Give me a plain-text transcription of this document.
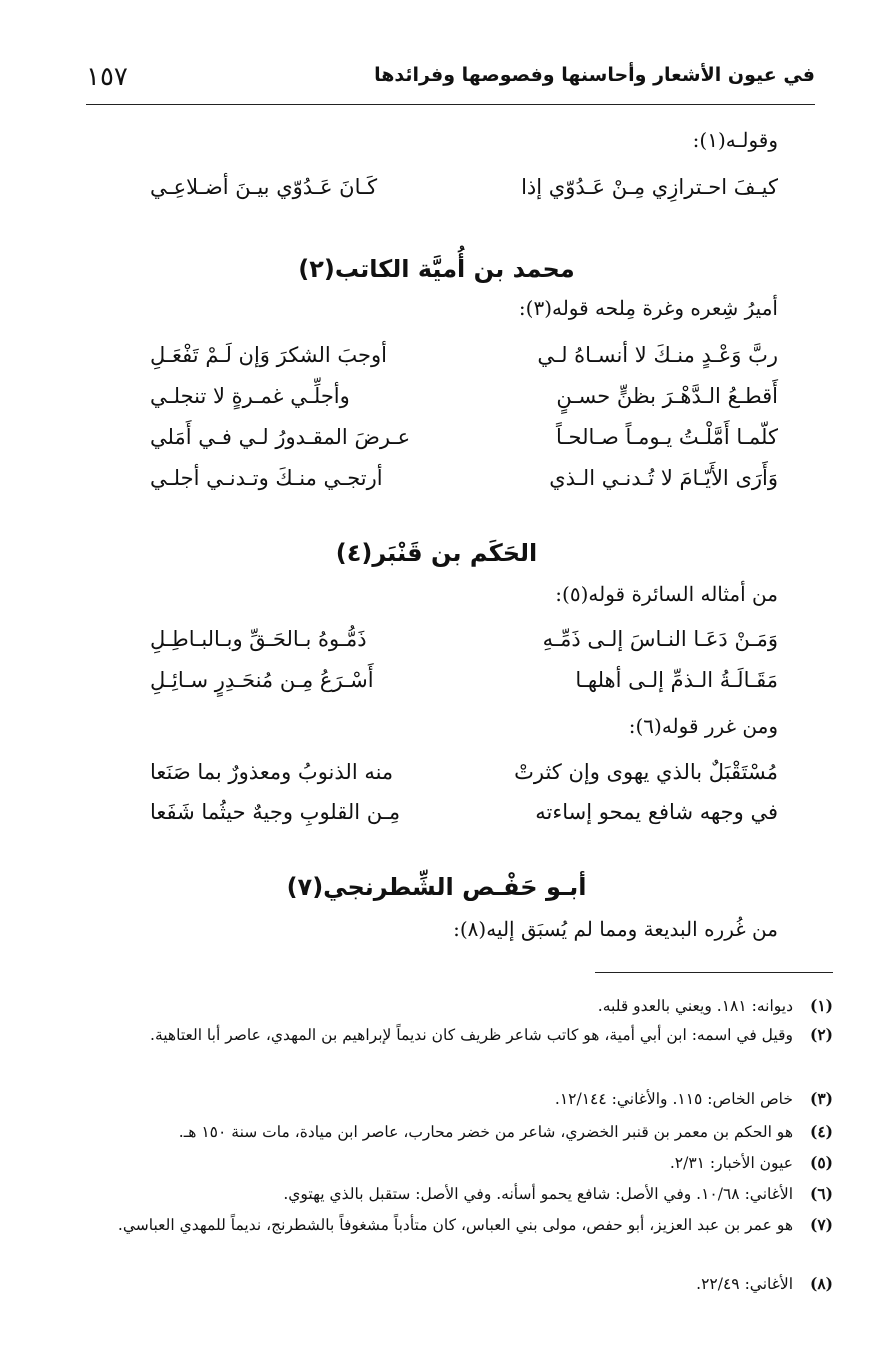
في عيون الأشعار وأحاسنها وفصوصها وفرائدها
١٥٧
وقولـه(١):
كيـفَ احـترازِي مِـنْ عَـدُوّي إذا
كَـانَ عَـدُوّي بيـنَ أضـلاعِـي
محمد بن أُميَّة الكاتب(٢)
أميرُ شِعره وغرة مِلحه قوله(٣):
ربَّ وَعْـدٍ منـكَ لا أنسـاهُ لـي
أوجبَ الشكرَ وَإن لَـمْ تَفْعَـلِ
أَقطـعُ الـدَّهْـرَ بظنٍّ حسـنٍ
وأجلِّـي غمـرةٍ لا تنجلـي
كلّمـا أَمَّلْـتُ يـومـاً صـالحـاً
عـرضَ المقـدورُ لـي فـي أَمَلي
وَأَرَى الأَيّـامَ لا تُـدنـي الـذي
أرتجـي منـكَ وتـدنـي أجلـي
الحَكَم بن قَنْبَر(٤)
من أمثاله السائرة قوله(٥):
وَمَـنْ دَعَـا النـاسَ إلـى ذَمِّـهِ
ذَمُّـوهُ بـالحَـقِّ وبـالبـاطِـلِ
مَقَـالَـةُ الـذمِّ إلـى أهلهـا
أَسْـرَعُ مِـن مُنحَـدِرٍ سـائِـلِ
ومن غرر قوله(٦):
مُسْتَقْبَلٌ بالذي يهوى وإن كثرتْ
منه الذنوبُ ومعذورٌ بما صَنَعا
في وجهه شافع يمحو إساءته
مِـن القلوبِ وجيهٌ حيثُما شَفَعا
أبـو حَفْـص الشِّطرنجي(٧)
من غُرره البديعة ومما لم يُسبَق إليه(٨):
(١)
ديوانه: ١٨١. ويعني بالعدو قلبه.
(٢)
وقيل في اسمه: ابن أبي أمية، هو كاتب شاعر ظريف كان نديماً لإبراهيم بن المهدي، عاصر أبا العتاهية.
(٣)
خاص الخاص: ١١٥. والأغاني: ١٢/١٤٤.
(٤)
هو الحكم بن معمر بن قنبر الخضري، شاعر من خضر محارب، عاصر ابن ميادة، مات سنة ١٥٠ هـ.
(٥)
عيون الأخبار: ٢/٣١.
(٦)
الأغاني: ١٠/٦٨. وفي الأصل: شافع يحمو أسأنه. وفي الأصل: ستقبل بالذي يهتوي.
(٧)
هو عمر بن عبد العزيز، أبو حفص، مولى بني العباس، كان متأدباً مشغوفاً بالشطرنج، نديماً للمهدي العباسي.
(٨)
الأغاني: ٢٢/٤٩.
